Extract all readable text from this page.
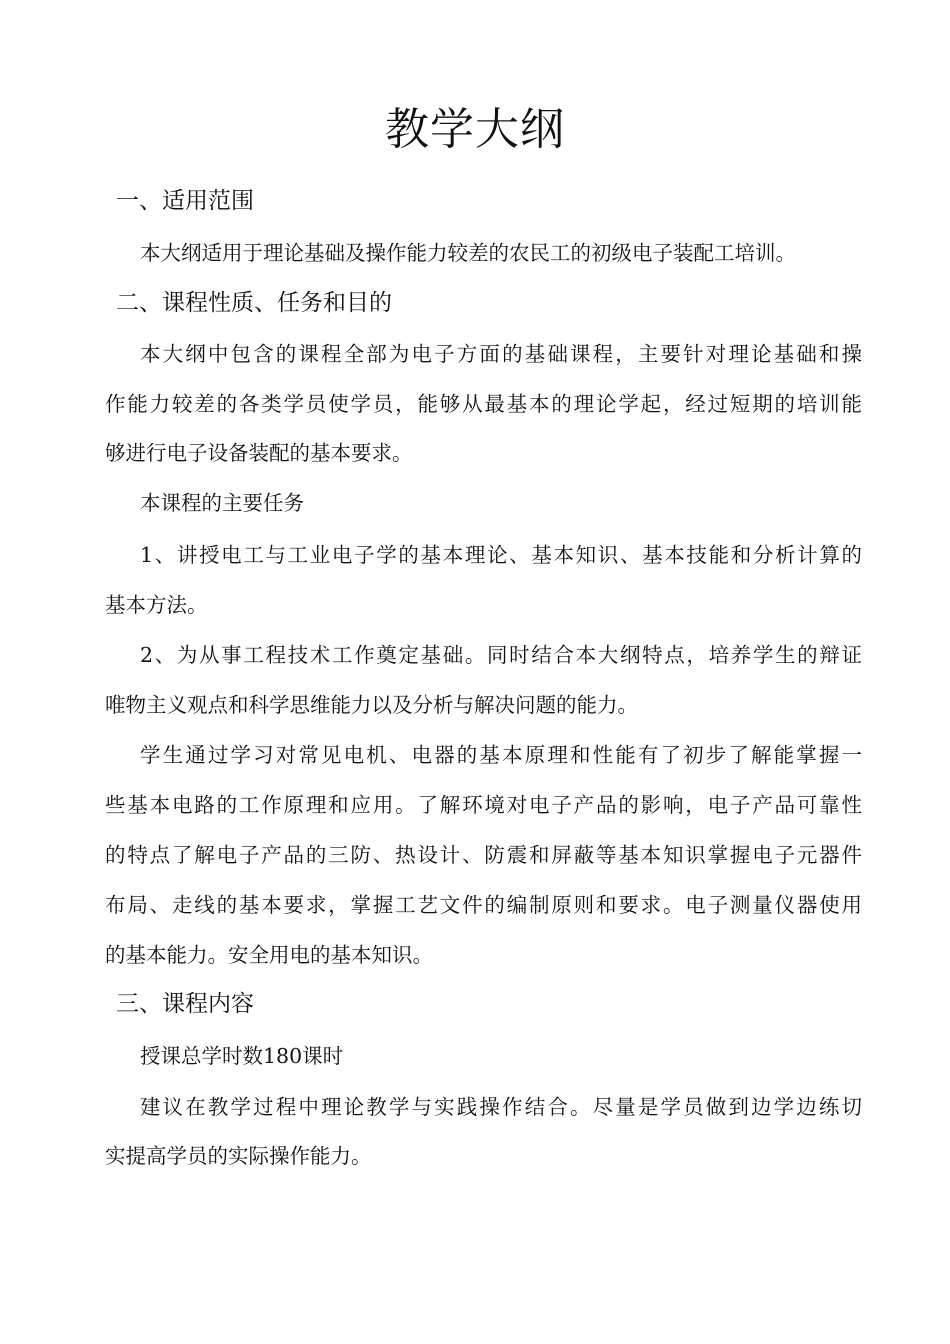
教学大纲
一、适用范围
本大纲适用于理论基础及操作能力较差的农民工的初级电子装配工培训。
二、课程性质、任务和目的
本大纲中包含的课程全部为电子方面的基础课程，主要针对理论基础和操
作能力较差的各类学员使学员，能够从最基本的理论学起，经过短期的培训能
够进行电子设备装配的基本要求。
本课程的主要任务
1、讲授电工与工业电子学的基本理论、基本知识、基本技能和分析计算的
基本方法。
2、为从事工程技术工作奠定基础。同时结合本大纲特点，培养学生的辩证
唯物主义观点和科学思维能力以及分析与解决问题的能力。
学生通过学习对常见电机、电器的基本原理和性能有了初步了解能掌握一
些基本电路的工作原理和应用。了解环境对电子产品的影响，电子产品可靠性
的特点了解电子产品的三防、热设计、防震和屏蔽等基本知识掌握电子元器件
布局、走线的基本要求，掌握工艺文件的编制原则和要求。电子测量仪器使用
的基本能力。安全用电的基本知识。
三、课程内容
授课总学时数180课时
建议在教学过程中理论教学与实践操作结合。尽量是学员做到边学边练切
实提高学员的实际操作能力。
